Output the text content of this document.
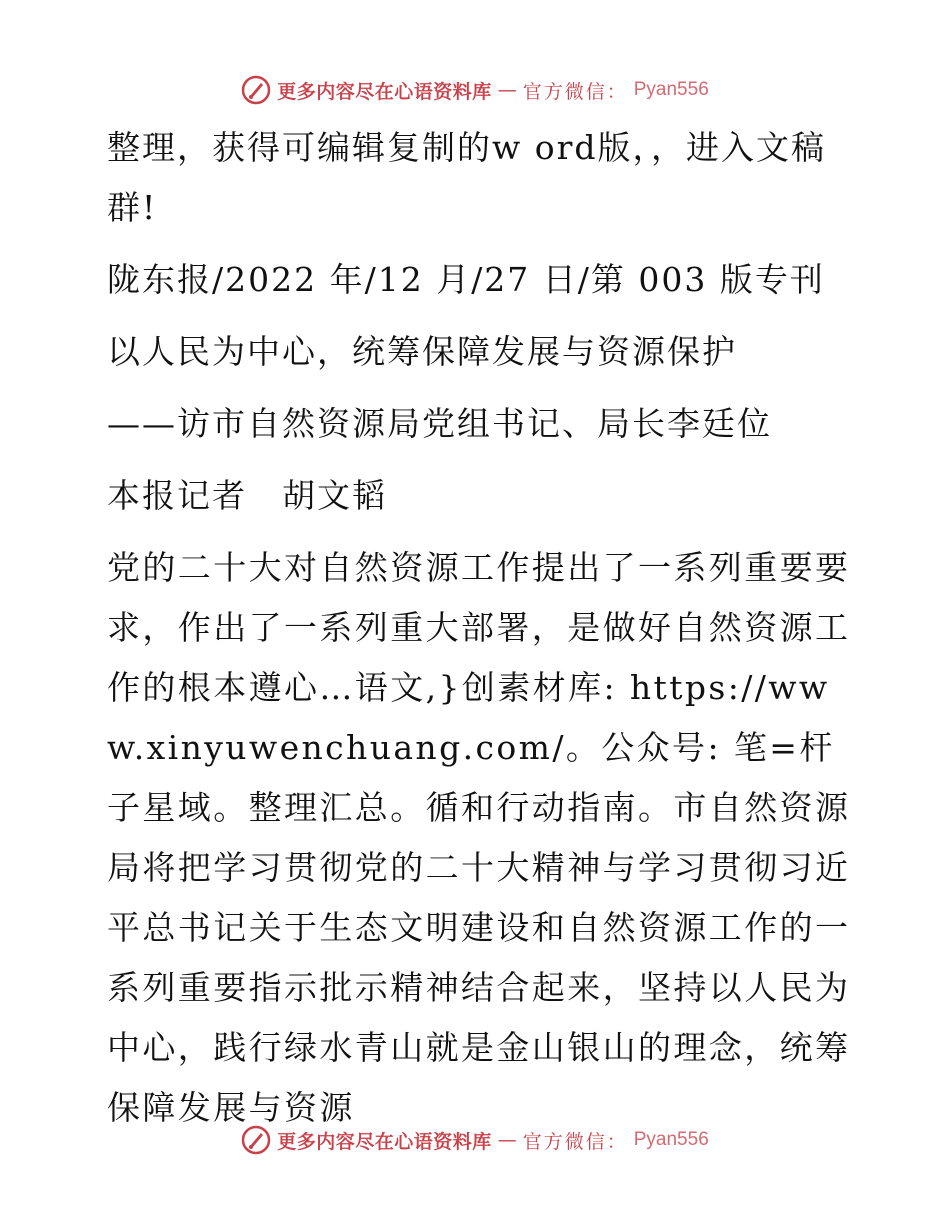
更多内容尽在心语资料库 — 官方微信： Pyan556

整理，获得可编辑复制的w ord版，，进入文稿群!

陇东报/2022 年/12 月/27 日/第 003 版专刊

以人民为中心，统筹保障发展与资源保护

——访市自然资源局党组书记、局长李廷位

本报记者　胡文韬

党的二十大对自然资源工作提出了一系列重要要求，作出了一系列重大部署，是做好自然资源工作的根本遵心…语文,}创素材库: https://www.xinyuwenchuang.com/。公众号: 笔=杆子星域。整理汇总。循和行动指南。市自然资源局将把学习贯彻党的二十大精神与学习贯彻习近平总书记关于生态文明建设和自然资源工作的一系列重要指示批示精神结合起来，坚持以人民为中心，践行绿水青山就是金山银山的理念，统筹保障发展与资源

更多内容尽在心语资料库 — 官方微信： Pyan556
